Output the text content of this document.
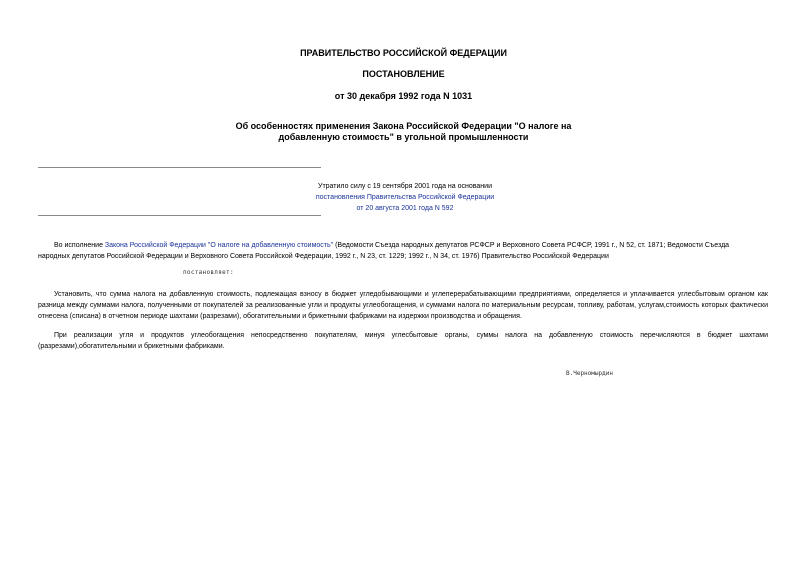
ПРАВИТЕЛЬСТВО РОССИЙСКОЙ ФЕДЕРАЦИИ
ПОСТАНОВЛЕНИЕ
от 30 декабря 1992 года N 1031
Об особенностях применения Закона Российской Федерации "О налоге на добавленную стоимость" в угольной промышленности
Утратило силу с 19 сентября 2001 года на основании
постановления Правительства Российской Федерации
от 20 августа 2001 года N 592
Во исполнение Закона Российской Федерации "О налоге на добавленную стоимость" (Ведомости Съезда народных депутатов РСФСР и Верховного Совета РСФСР, 1991 г., N 52, ст. 1871; Ведомости Съезда
народных депутатов Российской Федерации и Верховного Совета Российской Федерации, 1992 г., N 23, ст. 1229; 1992 г., N 34, ст. 1976) Правительство Российской Федерации
постановляет:
Установить, что сумма налога на добавленную стоимость, подлежащая взносу в бюджет угледобывающими и углеперерабатывающими предприятиями, определяется и уплачивается углесбытовым органом как разница между суммами налога, полученными от покупателей за реализованные угли и продукты углеобогащения, и суммами налога по материальным ресурсам, топливу, работам, услугам,стоимость которых фактически отнесена (списана) в отчетном периоде шахтами (разрезами), обогатительными и брикетными фабриками на издержки производства и обращения.
При реализации угля и продуктов углеобогащения непосредственно покупателям, минуя углесбытовые органы, суммы налога на добавленную стоимость перечисляются в бюджет шахтами (разрезами),обогатительными и брикетными фабриками.
В.Черномырдин
